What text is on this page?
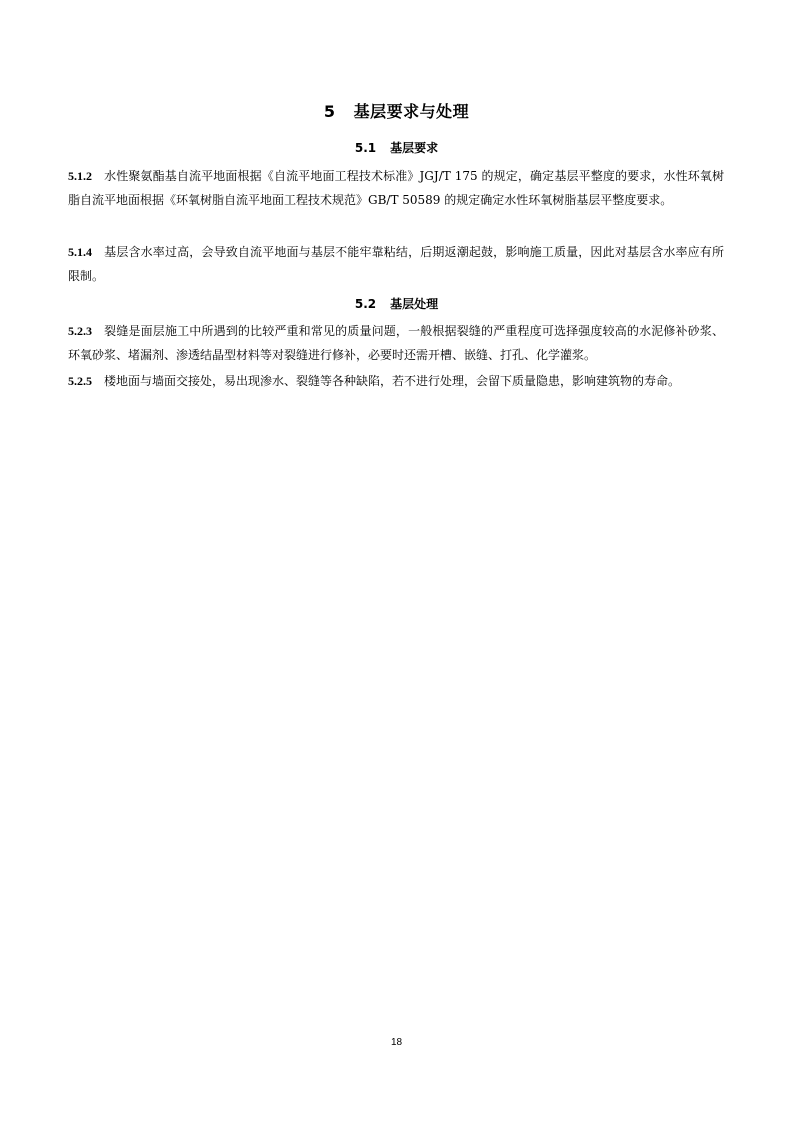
5 基层要求与处理
5.1 基层要求

5.1.2 水性聚氨酯基自流平地面根据《自流平地面工程技术标准》JGJ/T 175 的规定，确定基层平整度的要求，水性环氧树脂自流平地面根据《环氧树脂自流平地面工程技术规范》GB/T 50589 的规定确定水性环氧树脂基层平整度要求。

5.1.4 基层含水率过高，会导致自流平地面与基层不能牢靠粘结，后期返潮起鼓，影响施工质量，因此对基层含水率应有所限制。

5.2 基层处理

5.2.3 裂缝是面层施工中所遇到的比较严重和常见的质量问题，一般根据裂缝的严重程度可选择强度较高的水泥修补砂浆、环氧砂浆、堵漏剂、渗透结晶型材料等对裂缝进行修补，必要时还需开槽、嵌缝、打孔、化学灌浆。

5.2.5 楼地面与墙面交接处，易出现渗水、裂缝等各种缺陷，若不进行处理，会留下质量隐患，影响建筑物的寿命。

18
